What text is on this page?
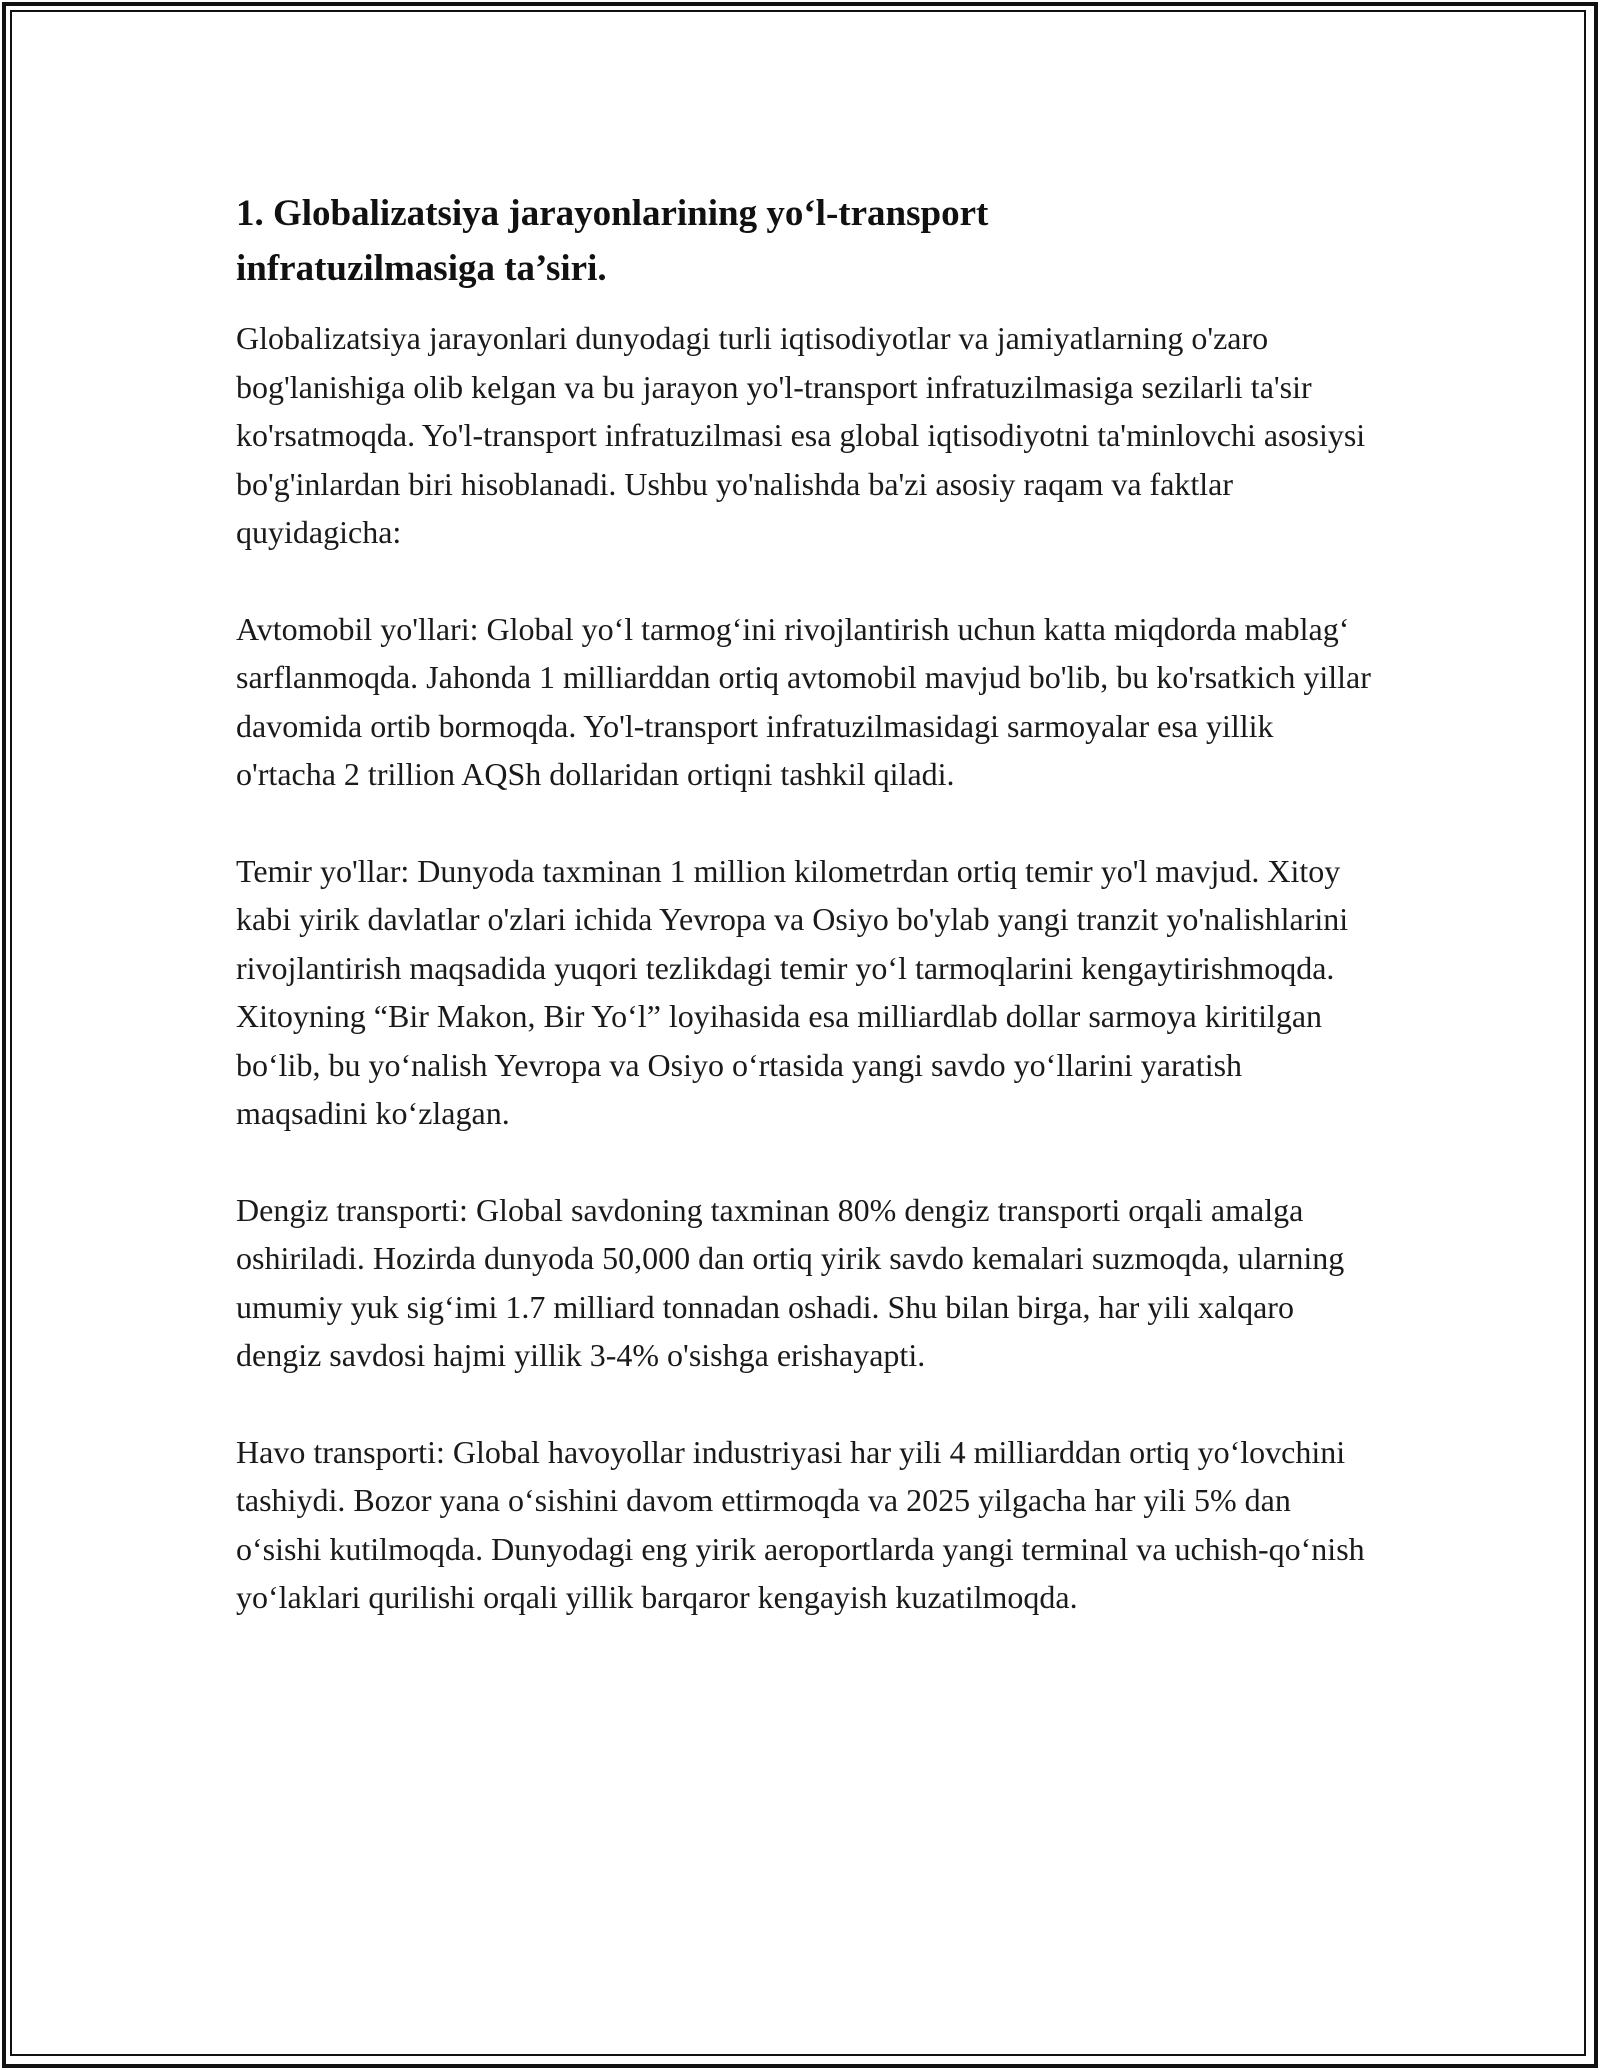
1. Globalizatsiya jarayonlarining yo‘l-transport
infratuzilmasiga ta’siri.

Globalizatsiya jarayonlari dunyodagi turli iqtisodiyotlar va jamiyatlarning o'zaro bog'lanishiga olib kelgan va bu jarayon yo'l-transport infratuzilmasiga sezilarli ta'sir ko'rsatmoqda. Yo'l-transport infratuzilmasi esa global iqtisodiyotni ta'minlovchi asosiysi bo'g'inlardan biri hisoblanadi. Ushbu yo'nalishda ba'zi asosiy raqam va faktlar quyidagicha:

Avtomobil yo'llari: Global yo‘l tarmog‘ini rivojlantirish uchun katta miqdorda mablag‘ sarflanmoqda. Jahonda 1 milliarddan ortiq avtomobil mavjud bo'lib, bu ko'rsatkich yillar davomida ortib bormoqda. Yo'l-transport infratuzilmasidagi sarmoyalar esa yillik o'rtacha 2 trillion AQSh dollaridan ortiqni tashkil qiladi.

Temir yo'llar: Dunyoda taxminan 1 million kilometrdan ortiq temir yo'l mavjud. Xitoy kabi yirik davlatlar o'zlari ichida Yevropa va Osiyo bo'ylab yangi tranzit yo'nalishlarini rivojlantirish maqsadida yuqori tezlikdagi temir yo‘l tarmoqlarini kengaytirishmoqda. Xitoyning “Bir Makon, Bir Yo‘l” loyihasida esa milliardlab dollar sarmoya kiritilgan bo‘lib, bu yo‘nalish Yevropa va Osiyo o‘rtasida yangi savdo yo‘llarini yaratish maqsadini ko‘zlagan.

Dengiz transporti: Global savdoning taxminan 80% dengiz transporti orqali amalga oshiriladi. Hozirda dunyoda 50,000 dan ortiq yirik savdo kemalari suzmoqda, ularning umumiy yuk sig‘imi 1.7 milliard tonnadan oshadi. Shu bilan birga, har yili xalqaro dengiz savdosi hajmi yillik 3-4% o'sishga erishayapti.

Havo transporti: Global havoyollar industriyasi har yili 4 milliarddan ortiq yo‘lovchini tashiydi. Bozor yana o‘sishini davom ettirmoqda va 2025 yilgacha har yili 5% dan o‘sishi kutilmoqda. Dunyodagi eng yirik aeroportlarda yangi terminal va uchish-qo‘nish yo‘laklari qurilishi orqali yillik barqaror kengayish kuzatilmoqda.
